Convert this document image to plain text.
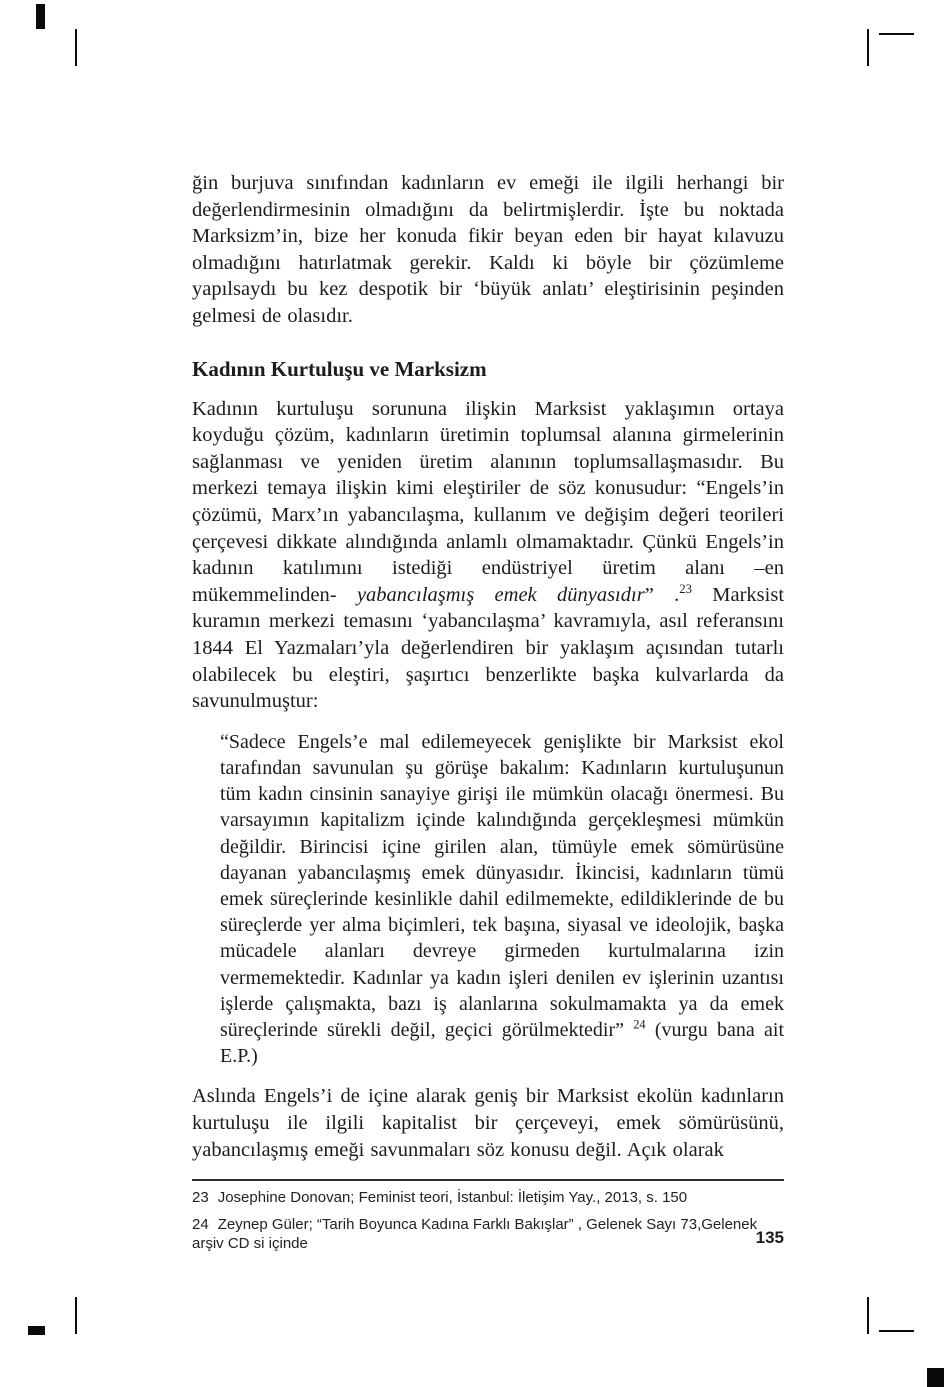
ğin burjuva sınıfından kadınların ev emeği ile ilgili herhangi bir değerlendirmesinin olmadığını da belirtmişlerdir. İşte bu noktada Marksizm’in, bize her konuda fikir beyan eden bir hayat kılavuzu olmadığını hatırlatmak gerekir. Kaldı ki böyle bir çözümleme yapılsaydı bu kez despotik bir ‘büyük anlatı’ eleştirisinin peşinden gelmesi de olasıdır.

Kadının Kurtuluşu ve Marksizm

Kadının kurtuluşu sorununa ilişkin Marksist yaklaşımın ortaya koyduğu çözüm, kadınların üretimin toplumsal alanına girmelerinin sağlanması ve yeniden üretim alanının toplumsallaşmasıdır. Bu merkezi temaya ilişkin kimi eleştiriler de söz konusudur: “Engels’in çözümü, Marx’ın yabancılaşma, kullanım ve değişim değeri teorileri çerçevesi dikkate alındığında anlamlı olmamaktadır. Çünkü Engels’in kadının katılımını istediği endüstriyel üretim alanı –en mükemmelinden- yabancılaşmış emek dünyasıdır” .$^{23}$ Marksist kuramın merkezi temasını ‘yabancılaşma’ kavramıyla, asıl referansını 1844 El Yazmaları’yla değerlendiren bir yaklaşım açısından tutarlı olabilecek bu eleştiri, şaşırtıcı benzerlikte başka kulvarlarda da savunulmuştur:

“Sadece Engels’e mal edilemeyecek genişlikte bir Marksist ekol tarafından savunulan şu görüşe bakalım: Kadınların kurtuluşunun tüm kadın cinsinin sanayiye girişi ile mümkün olacağı önermesi. Bu varsayımın kapitalizm içinde kalındığında gerçekleşmesi mümkün değildir. Birincisi içine girilen alan, tümüyle emek sömürüsüne dayanan yabancılaşmış emek dünyasıdır. İkincisi, kadınların tümü emek süreçlerinde kesinlikle dahil edilmemekte, edildiklerinde de bu süreçlerde yer alma biçimleri, tek başına, siyasal ve ideolojik, başka mücadele alanları devreye girmeden kurtulmalarına izin vermemektedir. Kadınlar ya kadın işleri denilen ev işlerinin uzantısı işlerde çalışmakta, bazı iş alanlarına sokulmamakta ya da emek süreçlerinde sürekli değil, geçici görülmektedir” $^{24}$ (vurgu bana ait E.P.)

Aslında Engels’i de içine alarak geniş bir Marksist ekolün kadınların kurtuluşu ile ilgili kapitalist bir çerçeveyi, emek sömürüsünü, yabancılaşmış emeği savunmaları söz konusu değil. Açık olarak

23 Josephine Donovan; Feminist teori, İstanbul: İletişim Yay., 2013, s. 150

24 Zeynep Güler; “Tarih Boyunca Kadına Farklı Bakışlar” , Gelenek Sayı 73,Gelenek arşiv CD si içinde	135
